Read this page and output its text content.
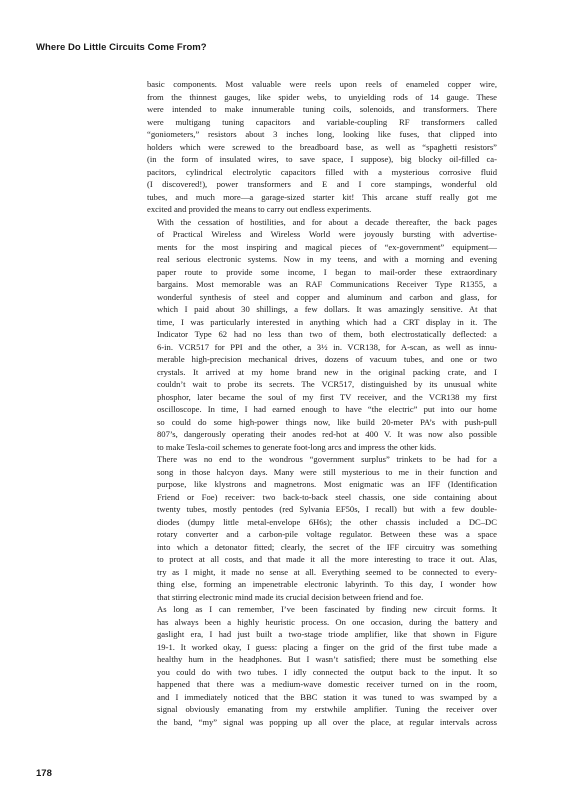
Where Do Little Circuits Come From?
basic components. Most valuable were reels upon reels of enameled copper wire,
from the thinnest gauges, like spider webs, to unyielding rods of 14 gauge. These
were intended to make innumerable tuning coils, solenoids, and transformers. There
were multigang tuning capacitors and variable-coupling RF transformers called
“goniometers,” resistors about 3 inches long, looking like fuses, that clipped into
holders which were screwed to the breadboard base, as well as “spaghetti resistors”
(in the form of insulated wires, to save space, I suppose), big blocky oil-filled ca-
pacitors, cylindrical electrolytic capacitors filled with a mysterious corrosive fluid
(I discovered!), power transformers and E and I core stampings, wonderful old
tubes, and much more—a garage-sized starter kit! This arcane stuff really got me
excited and provided the means to carry out endless experiments.
With the cessation of hostilities, and for about a decade thereafter, the back pages
of Practical Wireless and Wireless World were joyously bursting with advertise-
ments for the most inspiring and magical pieces of “ex-government” equipment—
real serious electronic systems. Now in my teens, and with a morning and evening
paper route to provide some income, I began to mail-order these extraordinary
bargains. Most memorable was an RAF Communications Receiver Type R1355, a
wonderful synthesis of steel and copper and aluminum and carbon and glass, for
which I paid about 30 shillings, a few dollars. It was amazingly sensitive. At that
time, I was particularly interested in anything which had a CRT display in it. The
Indicator Type 62 had no less than two of them, both electrostatically deflected: a
6-in. VCR517 for PPI and the other, a 3½ in. VCR138, for A-scan, as well as innu-
merable high-precision mechanical drives, dozens of vacuum tubes, and one or two
crystals. It arrived at my home brand new in the original packing crate, and I
couldn’t wait to probe its secrets. The VCR517, distinguished by its unusual white
phosphor, later became the soul of my first TV receiver, and the VCR138 my first
oscilloscope. In time, I had earned enough to have “the electric” put into our home
so could do some high-power things now, like build 20-meter PA’s with push-pull
807’s, dangerously operating their anodes red-hot at 400 V. It was now also possible
to make Tesla-coil schemes to generate foot-long arcs and impress the other kids.
There was no end to the wondrous “government surplus” trinkets to be had for a
song in those halcyon days. Many were still mysterious to me in their function and
purpose, like klystrons and magnetrons. Most enigmatic was an IFF (Identification
Friend or Foe) receiver: two back-to-back steel chassis, one side containing about
twenty tubes, mostly pentodes (red Sylvania EF50s, I recall) but with a few double-
diodes (dumpy little metal-envelope 6H6s); the other chassis included a DC–DC
rotary converter and a carbon-pile voltage regulator. Between these was a space
into which a detonator fitted; clearly, the secret of the IFF circuitry was something
to protect at all costs, and that made it all the more interesting to trace it out. Alas,
try as I might, it made no sense at all. Everything seemed to be connected to every-
thing else, forming an impenetrable electronic labyrinth. To this day, I wonder how
that stirring electronic mind made its crucial decision between friend and foe.
As long as I can remember, I’ve been fascinated by finding new circuit forms. It
has always been a highly heuristic process. On one occasion, during the battery and
gaslight era, I had just built a two-stage triode amplifier, like that shown in Figure
19-1. It worked okay, I guess: placing a finger on the grid of the first tube made a
healthy hum in the headphones. But I wasn’t satisfied; there must be something else
you could do with two tubes. I idly connected the output back to the input. It so
happened that there was a medium-wave domestic receiver turned on in the room,
and I immediately noticed that the BBC station it was tuned to was swamped by a
signal obviously emanating from my erstwhile amplifier. Tuning the receiver over
the band, “my” signal was popping up all over the place, at regular intervals across
178
